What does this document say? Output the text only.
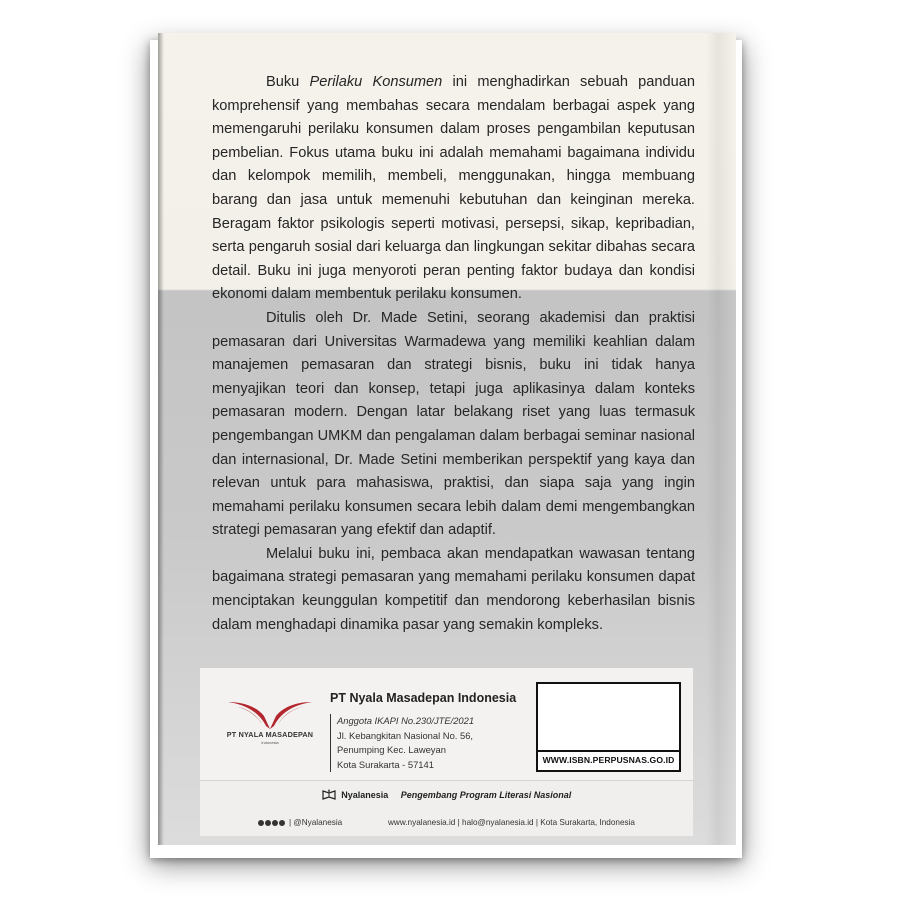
Buku Perilaku Konsumen ini menghadirkan sebuah panduan komprehensif yang membahas secara mendalam berbagai aspek yang memengaruhi perilaku konsumen dalam proses pengambilan keputusan pembelian. Fokus utama buku ini adalah memahami bagaimana individu dan kelompok memilih, membeli, menggunakan, hingga membuang barang dan jasa untuk memenuhi kebutuhan dan keinginan mereka. Beragam faktor psikologis seperti motivasi, persepsi, sikap, kepribadian, serta pengaruh sosial dari keluarga dan lingkungan sekitar dibahas secara detail. Buku ini juga menyoroti peran penting faktor budaya dan kondisi ekonomi dalam membentuk perilaku konsumen.

Ditulis oleh Dr. Made Setini, seorang akademisi dan praktisi pemasaran dari Universitas Warmadewa yang memiliki keahlian dalam manajemen pemasaran dan strategi bisnis, buku ini tidak hanya menyajikan teori dan konsep, tetapi juga aplikasinya dalam konteks pemasaran modern. Dengan latar belakang riset yang luas termasuk pengembangan UMKM dan pengalaman dalam berbagai seminar nasional dan internasional, Dr. Made Setini memberikan perspektif yang kaya dan relevan untuk para mahasiswa, praktisi, dan siapa saja yang ingin memahami perilaku konsumen secara lebih dalam demi mengembangkan strategi pemasaran yang efektif dan adaptif.

Melalui buku ini, pembaca akan mendapatkan wawasan tentang bagaimana strategi pemasaran yang memahami perilaku konsumen dapat menciptakan keunggulan kompetitif dan mendorong keberhasilan bisnis dalam menghadapi dinamika pasar yang semakin kompleks.

PT NYALA MASADEPAN
Indonesia
PT Nyala Masadepan Indonesia
Anggota IKAPI No.230/JTE/2021
Jl. Kebangkitan Nasional No. 56,
Penumping Kec. Laweyan
Kota Surakarta - 57141	WWW.ISBN.PERPUSNAS.GO.ID
Nyalanesia Pengembang Program Literasi Nasional
| @Nyalanesia	www.nyalanesia.id | halo@nyalanesia.id | Kota Surakarta, Indonesia
